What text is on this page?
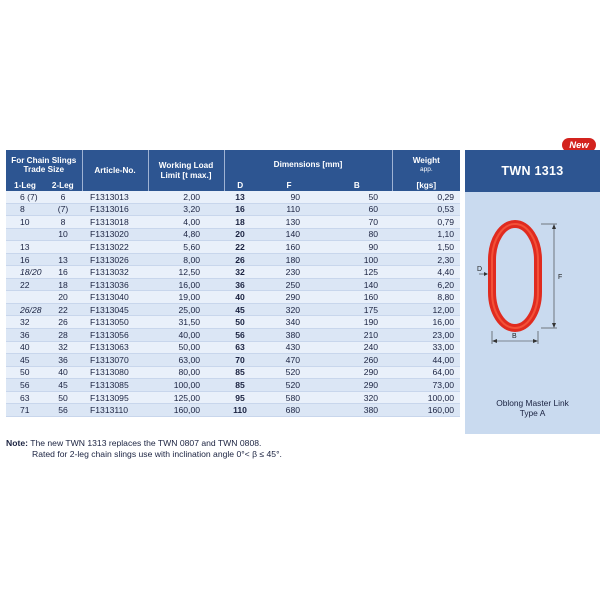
New
For Chain Slings Trade Size		Article-No.	Working Load Limit [t max.]	Dimensions [mm]			Weight
app.

1-Leg	2-Leg			D	F	B	[kgs]
6 (7)	6	F1313013	2,00	13	90	50	0,29
8	(7)	F1313016	3,20	16	110	60	0,53
10	8	F1313018	4,00	18	130	70	0,79
	10	F1313020	4,80	20	140	80	1,10
13		F1313022	5,60	22	160	90	1,50
16	13	F1313026	8,00	26	180	100	2,30
18/20	16	F1313032	12,50	32	230	125	4,40
22	18	F1313036	16,00	36	250	140	6,20
	20	F1313040	19,00	40	290	160	8,80
26/28	22	F1313045	25,00	45	320	175	12,00
32	26	F1313050	31,50	50	340	190	16,00
36	28	F1313056	40,00	56	380	210	23,00
40	32	F1313063	50,00	63	430	240	33,00
45	36	F1313070	63,00	70	470	260	44,00
50	40	F1313080	80,00	85	520	290	64,00
56	45	F1313085	100,00	85	520	290	73,00
63	50	F1313095	125,00	95	580	320	100,00
71	56	F1313110	160,00	110	680	380	160,00
TWN 1313
F
B
D
Oblong Master Link
Type A
Note: The new TWN 1313 replaces the TWN 0807 and TWN 0808.
Rated for 2-leg chain slings use with inclination angle 0°< β ≤ 45°.
